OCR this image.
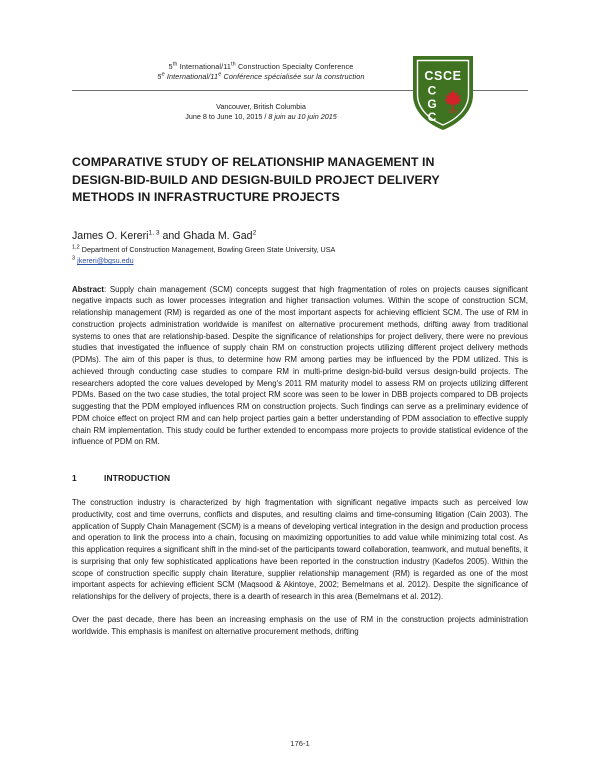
5th International/11th Construction Specialty Conference
5e International/11e Conférence spécialisée sur la construction
Vancouver, British Columbia
June 8 to June 10, 2015 / 8 juin au 10 juin 2015
CSCE
C
G
C	1887
COMPARATIVE STUDY OF RELATIONSHIP MANAGEMENT IN
DESIGN-BID-BUILD AND DESIGN-BUILD PROJECT DELIVERY
METHODS IN INFRASTRUCTURE PROJECTS
James O. Kereri$^{1, 3}$ and Ghada M. Gad$^2$
$^{1,2}$ Department of Construction Management, Bowling Green State University, USA
$^3$ jkereri@bgsu.edu

Abstract: Supply chain management (SCM) concepts suggest that high fragmentation of roles on projects causes significant negative impacts such as lower processes integration and higher transaction volumes. Within the scope of construction SCM, relationship management (RM) is regarded as one of the most important aspects for achieving efficient SCM. The use of RM in construction projects administration worldwide is manifest on alternative procurement methods, drifting away from traditional systems to ones that are relationship-based. Despite the significance of relationships for project delivery, there were no previous studies that investigated the influence of supply chain RM on construction projects utilizing different project delivery methods (PDMs). The aim of this paper is thus, to determine how RM among parties may be influenced by the PDM utilized. This is achieved through conducting case studies to compare RM in multi-prime design-bid-build versus design-build projects. The researchers adopted the core values developed by Meng's 2011 RM maturity model to assess RM on projects utilizing different PDMs. Based on the two case studies, the total project RM score was seen to be lower in DBB projects compared to DB projects suggesting that the PDM employed influences RM on construction projects. Such findings can serve as a preliminary evidence of PDM choice effect on project RM and can help project parties gain a better understanding of PDM association to effective supply chain RM implementation. This study could be further extended to encompass more projects to provide statistical evidence of the influence of PDM on RM.

1	INTRODUCTION

The construction industry is characterized by high fragmentation with significant negative impacts such as perceived low productivity, cost and time overruns, conflicts and disputes, and resulting claims and time-consuming litigation (Cain 2003). The application of Supply Chain Management (SCM) is a means of developing vertical integration in the design and production process and operation to link the process into a chain, focusing on maximizing opportunities to add value while minimizing total cost. As this application requires a significant shift in the mind-set of the participants toward collaboration, teamwork, and mutual benefits, it is surprising that only few sophisticated applications have been reported in the construction industry (Kadefos 2005). Within the scope of construction specific supply chain literature, supplier relationship management (RM) is regarded as one of the most important aspects for achieving efficient SCM (Maqsood & Akintoye, 2002; Bemelmans et al. 2012). Despite the significance of relationships for the delivery of projects, there is a dearth of research in this area (Bemelmans et al. 2012).

Over the past decade, there has been an increasing emphasis on the use of RM in the construction projects administration worldwide. This emphasis is manifest on alternative procurement methods, drifting

176-1
